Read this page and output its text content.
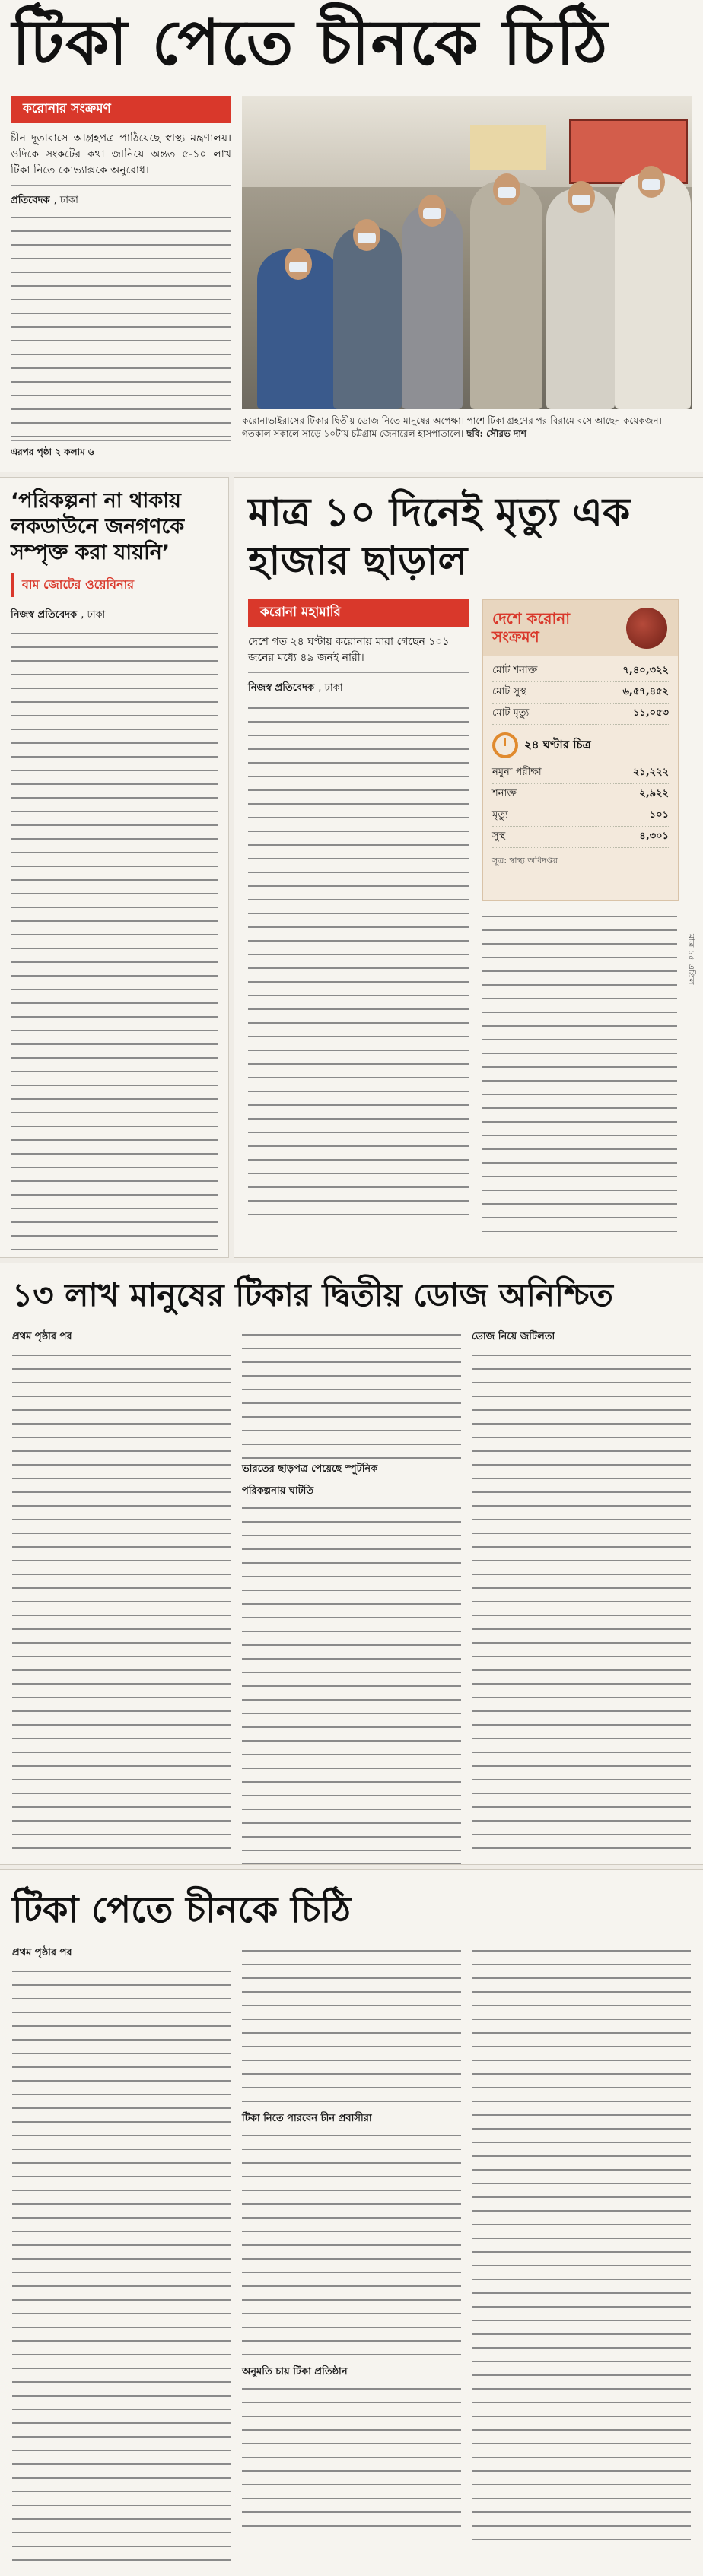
টিকা পেতে চীনকে চিঠি
করোনার সংক্রমণ

চীন দূতাবাসে আগ্রহপত্র পাঠিয়েছে স্বাস্থ্য মন্ত্রণালয়। ওদিকে সংকটের কথা জানিয়ে অন্তত ৫-১০ লাখ টিকা নিতে কোভ্যাক্সকে অনুরোধ।

প্রতিবেদক , ঢাকা
এরপর পৃষ্ঠা ২ কলাম ৬

করোনাভাইরাসের টিকার দ্বিতীয় ডোজ নিতে মানুষের অপেক্ষা। পাশে টিকা গ্রহণের পর বিরামে বসে আছেন কয়েকজন। গতকাল সকালে সাড়ে ১০টায় চট্টগ্রাম জেনারেল হাসপাতালে। ছবি: সৌরভ দাশ

‘পরিকল্পনা না থাকায় লকডাউনে জনগণকে সম্পৃক্ত করা যায়নি’
বাম জোটের ওয়েবিনার
নিজস্ব প্রতিবেদক , ঢাকা
মাত্র ১০ দিনেই মৃত্যু এক হাজার ছাড়াল
করোনা মহামারি

দেশে গত ২৪ ঘণ্টায় করোনায় মারা গেছেন ১০১ জনের মধ্যে ৪৯ জনই নারী।

নিজস্ব প্রতিবেদক , ঢাকা
দেশে করোনা সংক্রমণ
মোট শনাক্ত	৭,৪০,৩২২
মোট সুস্থ	৬,৫৭,৪৫২
মোট মৃত্যু	১১,০৫৩
২৪ ঘণ্টার চিত্র
নমুনা পরীক্ষা	২১,২২২
শনাক্ত	২,৯২২
মৃত্যু	১০১
সুস্থ	৪,৩০১
সূত্র: স্বাস্থ্য অধিদপ্তর
মাত্র ১৫ এপ্রিল
১৩ লাখ মানুষের টিকার দ্বিতীয় ডোজ অনিশ্চিত
প্রথম পৃষ্ঠার পর
ভারতের ছাড়পত্র পেয়েছে স্পুটনিক
পরিকল্পনায় ঘাটতি
ডোজ নিয়ে জটিলতা
টিকা পেতে চীনকে চিঠি
প্রথম পৃষ্ঠার পর
টিকা নিতে পারবেন চীন প্রবাসীরা
অনুমতি চায় টিকা প্রতিষ্ঠান
